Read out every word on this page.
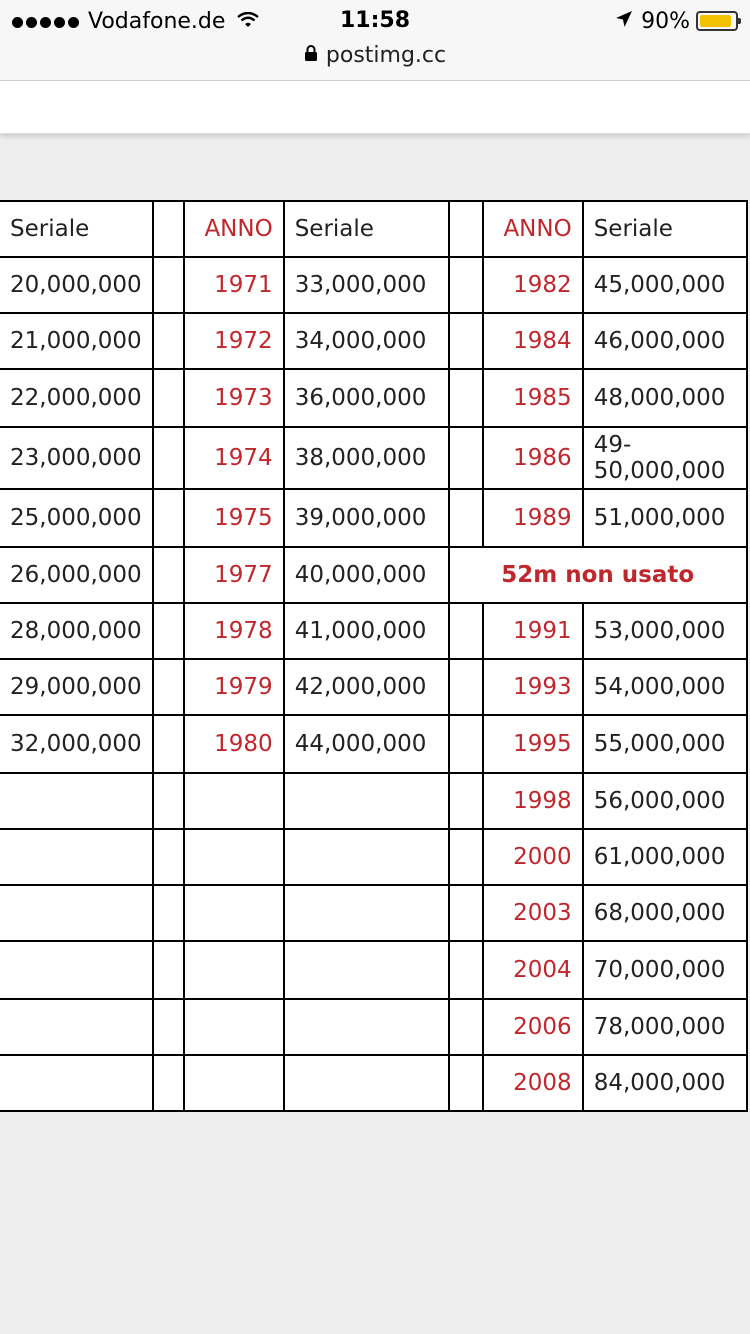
Vodafone.de	11:58	90%
postimg.cc
Seriale		ANNO	Seriale		ANNO	Seriale
20,000,000		1971	33,000,000		1982	45,000,000
21,000,000		1972	34,000,000		1984	46,000,000
22,000,000		1973	36,000,000		1985	48,000,000
23,000,000		1974	38,000,000		1986	49-50,000,000
25,000,000		1975	39,000,000		1989	51,000,000
26,000,000		1977	40,000,000	52m non usato		
28,000,000		1978	41,000,000		1991	53,000,000
29,000,000		1979	42,000,000		1993	54,000,000
32,000,000		1980	44,000,000		1995	55,000,000
					1998	56,000,000
					2000	61,000,000
					2003	68,000,000
					2004	70,000,000
					2006	78,000,000
					2008	84,000,000
